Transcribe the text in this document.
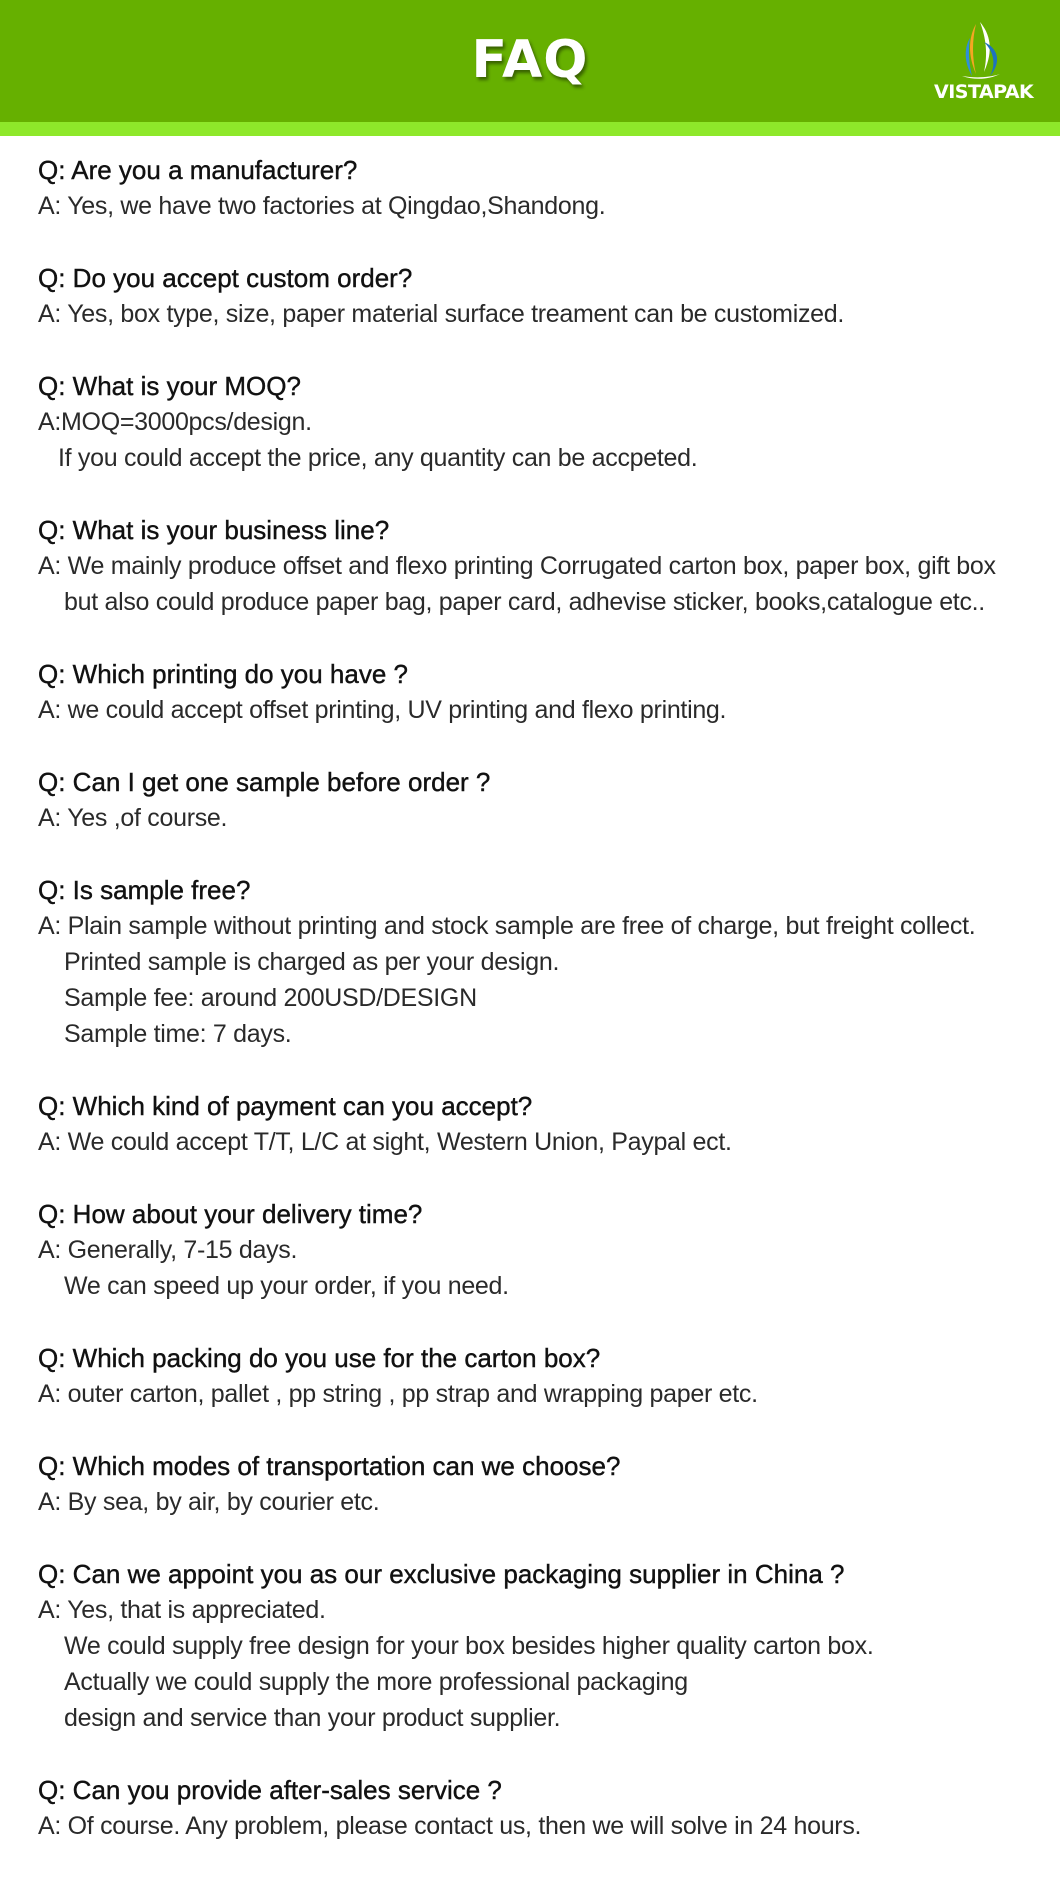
FAQ
VISTAPAK
Q: Are you a manufacturer?
A: Yes, we have two factories at Qingdao,Shandong.
Q: Do you accept custom order?
A: Yes, box type, size, paper material surface treament can be customized.
Q: What is your MOQ?
A:MOQ=3000pcs/design.
If you could accept the price, any quantity can be accpeted.
Q: What is your business line?
A: We mainly produce offset and flexo printing Corrugated carton box, paper box, gift box
but also could produce paper bag, paper card, adhevise sticker, books,catalogue etc..
Q: Which printing do you have ?
A: we could accept offset printing, UV printing and flexo printing.
Q: Can I get one sample before order ?
A: Yes ,of course.
Q: Is sample free?
A: Plain sample without printing and stock sample are free of charge, but freight collect.
Printed sample is charged as per your design.
Sample fee: around 200USD/DESIGN
Sample time: 7 days.
Q: Which kind of payment can you accept?
A: We could accept T/T, L/C at sight, Western Union, Paypal ect.
Q: How about your delivery time?
A: Generally, 7-15 days.
We can speed up your order, if you need.
Q: Which packing do you use for the carton box?
A: outer carton, pallet , pp string , pp strap and wrapping paper etc.
Q: Which modes of transportation can we choose?
A: By sea, by air, by courier etc.
Q: Can we appoint you as our exclusive packaging supplier in China ?
A: Yes, that is appreciated.
We could supply free design for your box besides higher quality carton box.
Actually we could supply the more professional packaging
design and service than your product supplier.
Q: Can you provide after-sales service ?
A: Of course. Any problem, please contact us, then we will solve in 24 hours.
